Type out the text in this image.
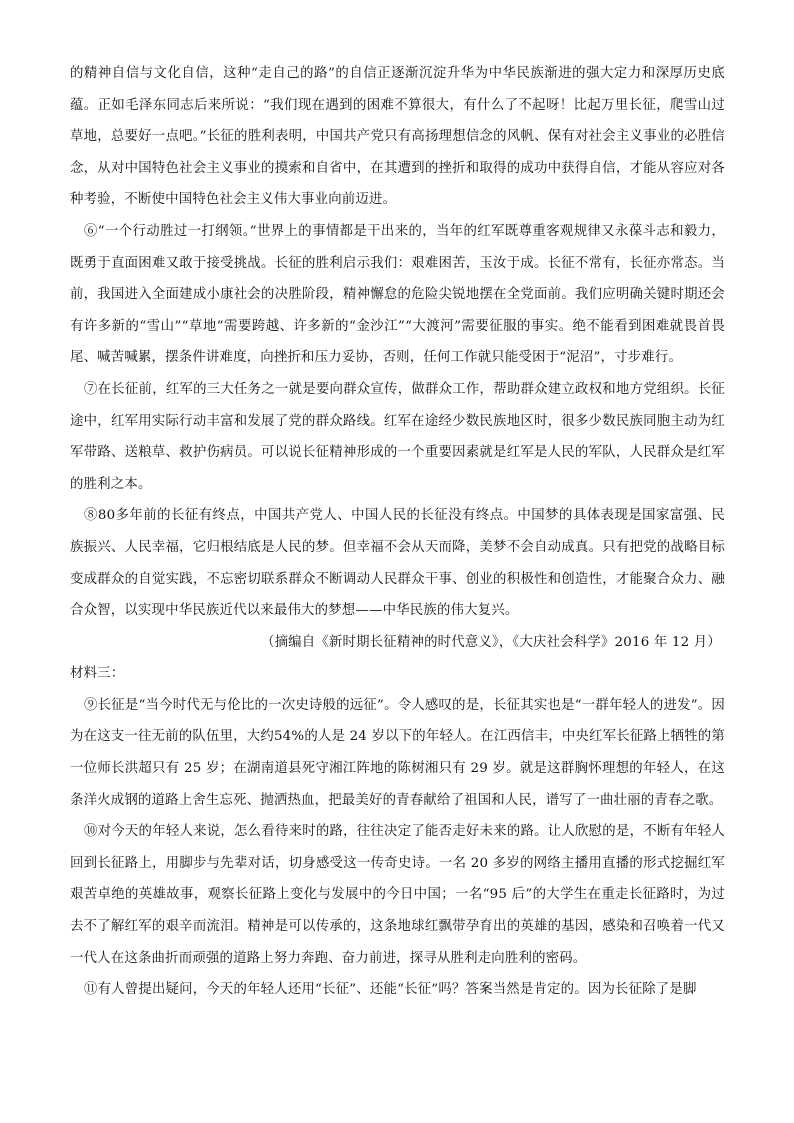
的精神自信与文化自信，这种“走自己的路”的自信正逐渐沉淀升华为中华民族渐进的强大定力和深厚历史底蕴。正如毛泽东同志后来所说：“我们现在遇到的困难不算很大，有什么了不起呀！比起万里长征，爬雪山过草地，总要好一点吧。”长征的胜利表明，中国共产党只有高扬理想信念的风帆、保有对社会主义事业的必胜信念，从对中国特色社会主义事业的摸索和自省中，在其遭到的挫折和取得的成功中获得自信，才能从容应对各种考验，不断使中国特色社会主义伟大事业向前迈进。

⑥“一个行动胜过一打纲领。”世界上的事情都是干出来的，当年的红军既尊重客观规律又永葆斗志和毅力，既勇于直面困难又敢于接受挑战。长征的胜利启示我们：艰难困苦，玉汝于成。长征不常有，长征亦常态。当前，我国进入全面建成小康社会的决胜阶段，精神懈怠的危险尖锐地摆在全党面前。我们应明确关键时期还会有许多新的“雪山”“草地”需要跨越、许多新的“金沙江”“大渡河”需要征服的事实。绝不能看到困难就畏首畏尾、喊苦喊累，摆条件讲难度，向挫折和压力妥协，否则，任何工作就只能受困于“泥沼”，寸步难行。

⑦在长征前，红军的三大任务之一就是要向群众宣传，做群众工作，帮助群众建立政权和地方党组织。长征途中，红军用实际行动丰富和发展了党的群众路线。红军在途经少数民族地区时，很多少数民族同胞主动为红军带路、送粮草、救护伤病员。可以说长征精神形成的一个重要因素就是红军是人民的军队，人民群众是红军的胜利之本。

⑧80多年前的长征有终点，中国共产党人、中国人民的长征没有终点。中国梦的具体表现是国家富强、民族振兴、人民幸福，它归根结底是人民的梦。但幸福不会从天而降，美梦不会自动成真。只有把党的战略目标变成群众的自觉实践，不忘密切联系群众不断调动人民群众干事、创业的积极性和创造性，才能聚合众力、融合众智，以实现中华民族近代以来最伟大的梦想——中华民族的伟大复兴。

（摘编自《新时期长征精神的时代意义》，《大庆社会科学》2016 年 12 月）

材料三：

⑨长征是“当今时代无与伦比的一次史诗般的远征”。令人感叹的是，长征其实也是“一群年轻人的进发”。因为在这支一往无前的队伍里，大约54%的人是 24 岁以下的年轻人。在江西信丰，中央红军长征路上牺牲的第一位师长洪超只有 25 岁；在湖南道县死守湘江阵地的陈树湘只有 29 岁。就是这群胸怀理想的年轻人，在这条洋火成钢的道路上舍生忘死、抛洒热血，把最美好的青春献给了祖国和人民，谱写了一曲壮丽的青春之歌。

⑩对今天的年轻人来说，怎么看待来时的路，往往决定了能否走好未来的路。让人欣慰的是，不断有年轻人回到长征路上，用脚步与先辈对话，切身感受这一传奇史诗。一名 20 多岁的网络主播用直播的形式挖掘红军艰苦卓绝的英雄故事，观察长征路上变化与发展中的今日中国；一名“95 后”的大学生在重走长征路时，为过去不了解红军的艰辛而流泪。精神是可以传承的，这条地球红飘带孕育出的英雄的基因，感染和召唤着一代又一代人在这条曲折而顽强的道路上努力奔跑、奋力前进，探寻从胜利走向胜利的密码。

⑪有人曾提出疑问，今天的年轻人还用“长征”、还能“长征”吗？答案当然是肯定的。因为长征除了是脚
